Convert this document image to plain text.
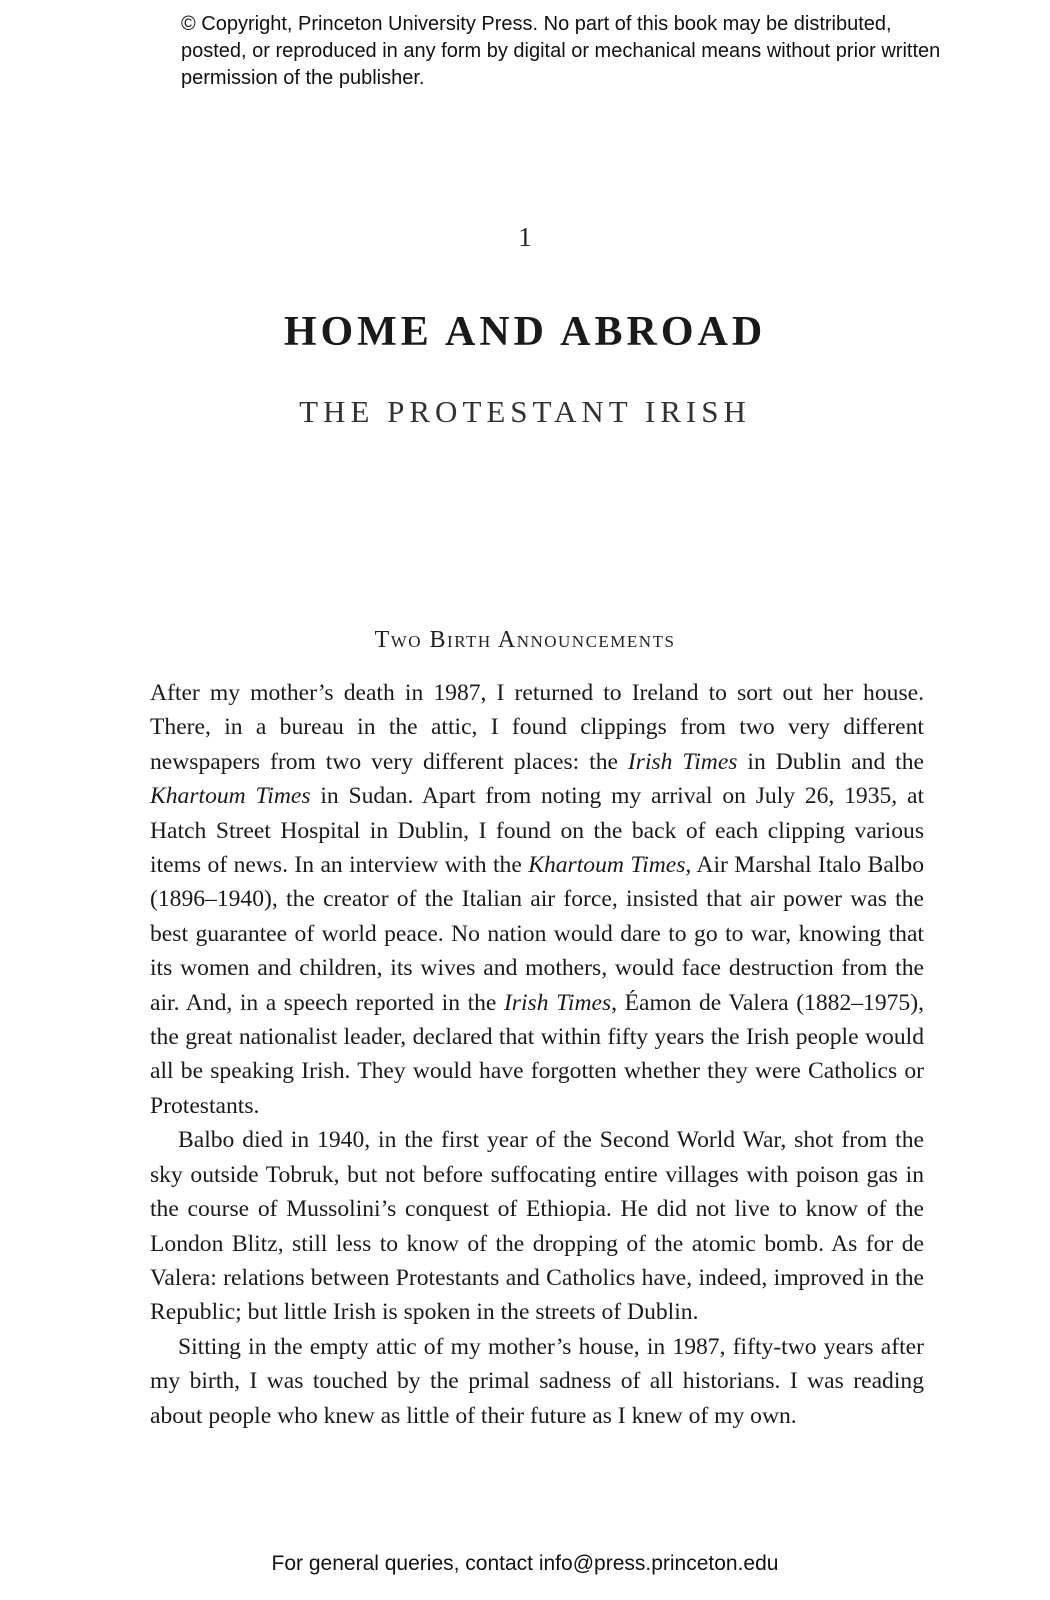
© Copyright, Princeton University Press. No part of this book may be distributed, posted, or reproduced in any form by digital or mechanical means without prior written permission of the publisher.
1
HOME AND ABROAD
THE PROTESTANT IRISH
Two Birth Announcements

After my mother’s death in 1987, I returned to Ireland to sort out her house. There, in a bureau in the attic, I found clippings from two very different newspapers from two very different places: the Irish Times in Dublin and the Khartoum Times in Sudan. Apart from noting my arrival on July 26, 1935, at Hatch Street Hospital in Dublin, I found on the back of each clipping various items of news. In an interview with the Khartoum Times, Air Marshal Italo Balbo (1896–1940), the creator of the Italian air force, insisted that air power was the best guarantee of world peace. No nation would dare to go to war, knowing that its women and children, its wives and mothers, would face destruction from the air. And, in a speech reported in the Irish Times, Éamon de Valera (1882–1975), the great nationalist leader, declared that within fifty years the Irish people would all be speaking Irish. They would have forgotten whether they were Catholics or Protestants.

Balbo died in 1940, in the first year of the Second World War, shot from the sky outside Tobruk, but not before suffocating entire villages with poison gas in the course of Mussolini’s conquest of Ethiopia. He did not live to know of the London Blitz, still less to know of the dropping of the atomic bomb. As for de Valera: relations between Protestants and Catholics have, indeed, improved in the Republic; but little Irish is spoken in the streets of Dublin.

Sitting in the empty attic of my mother’s house, in 1987, fifty-two years after my birth, I was touched by the primal sadness of all historians. I was reading about people who knew as little of their future as I knew of my own.

For general queries, contact info@press.princeton.edu
